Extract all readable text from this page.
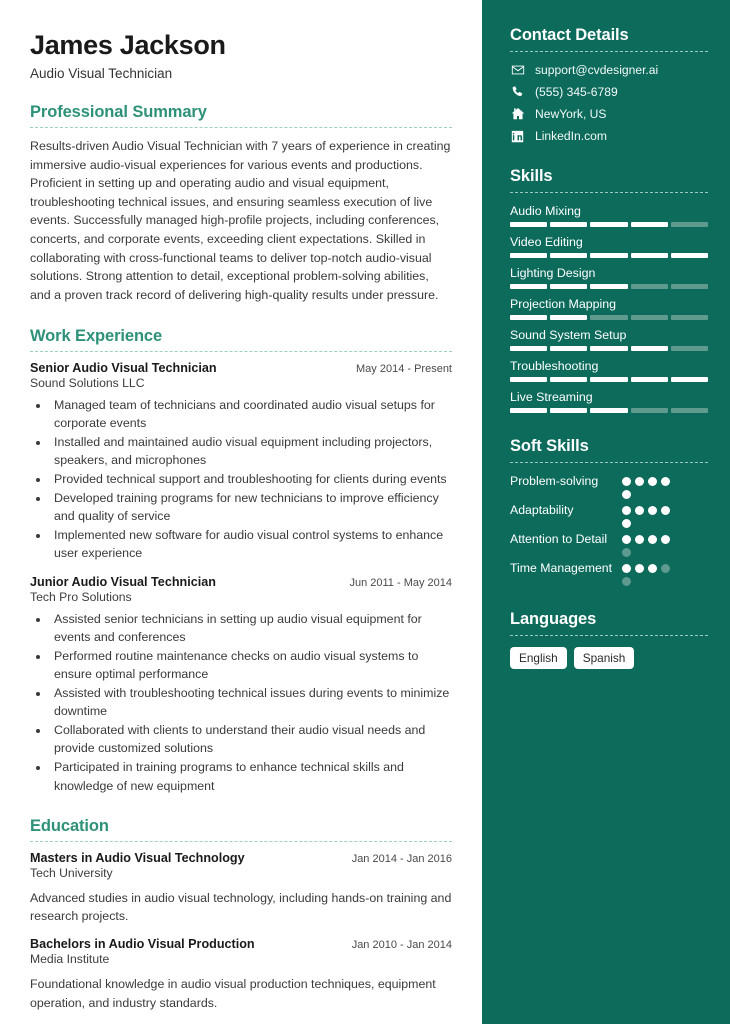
James Jackson
Audio Visual Technician
Professional Summary
Results-driven Audio Visual Technician with 7 years of experience in creating immersive audio-visual experiences for various events and productions. Proficient in setting up and operating audio and visual equipment, troubleshooting technical issues, and ensuring seamless execution of live events. Successfully managed high-profile projects, including conferences, concerts, and corporate events, exceeding client expectations. Skilled in collaborating with cross-functional teams to deliver top-notch audio-visual solutions. Strong attention to detail, exceptional problem-solving abilities, and a proven track record of delivering high-quality results under pressure.
Work Experience
Senior Audio Visual Technician	May 2014 - Present
Sound Solutions LLC
• Managed team of technicians and coordinated audio visual setups for corporate events
• Installed and maintained audio visual equipment including projectors, speakers, and microphones
• Provided technical support and troubleshooting for clients during events
• Developed training programs for new technicians to improve efficiency and quality of service
• Implemented new software for audio visual control systems to enhance user experience
Junior Audio Visual Technician	Jun 2011 - May 2014
Tech Pro Solutions
• Assisted senior technicians in setting up audio visual equipment for events and conferences
• Performed routine maintenance checks on audio visual systems to ensure optimal performance
• Assisted with troubleshooting technical issues during events to minimize downtime
• Collaborated with clients to understand their audio visual needs and provide customized solutions
• Participated in training programs to enhance technical skills and knowledge of new equipment
Education
Masters in Audio Visual Technology	Jan 2014 - Jan 2016
Tech University
Advanced studies in audio visual technology, including hands-on training and research projects.
Bachelors in Audio Visual Production	Jan 2010 - Jan 2014
Media Institute
Foundational knowledge in audio visual production techniques, equipment operation, and industry standards.
Contact Details
support@cvdesigner.ai
(555) 345-6789
NewYork, US
LinkedIn.com
Skills
Audio Mixing
Video Editing
Lighting Design
Projection Mapping
Sound System Setup
Troubleshooting
Live Streaming
Soft Skills
Problem-solving
Adaptability
Attention to Detail
Time Management
Languages
English	Spanish
